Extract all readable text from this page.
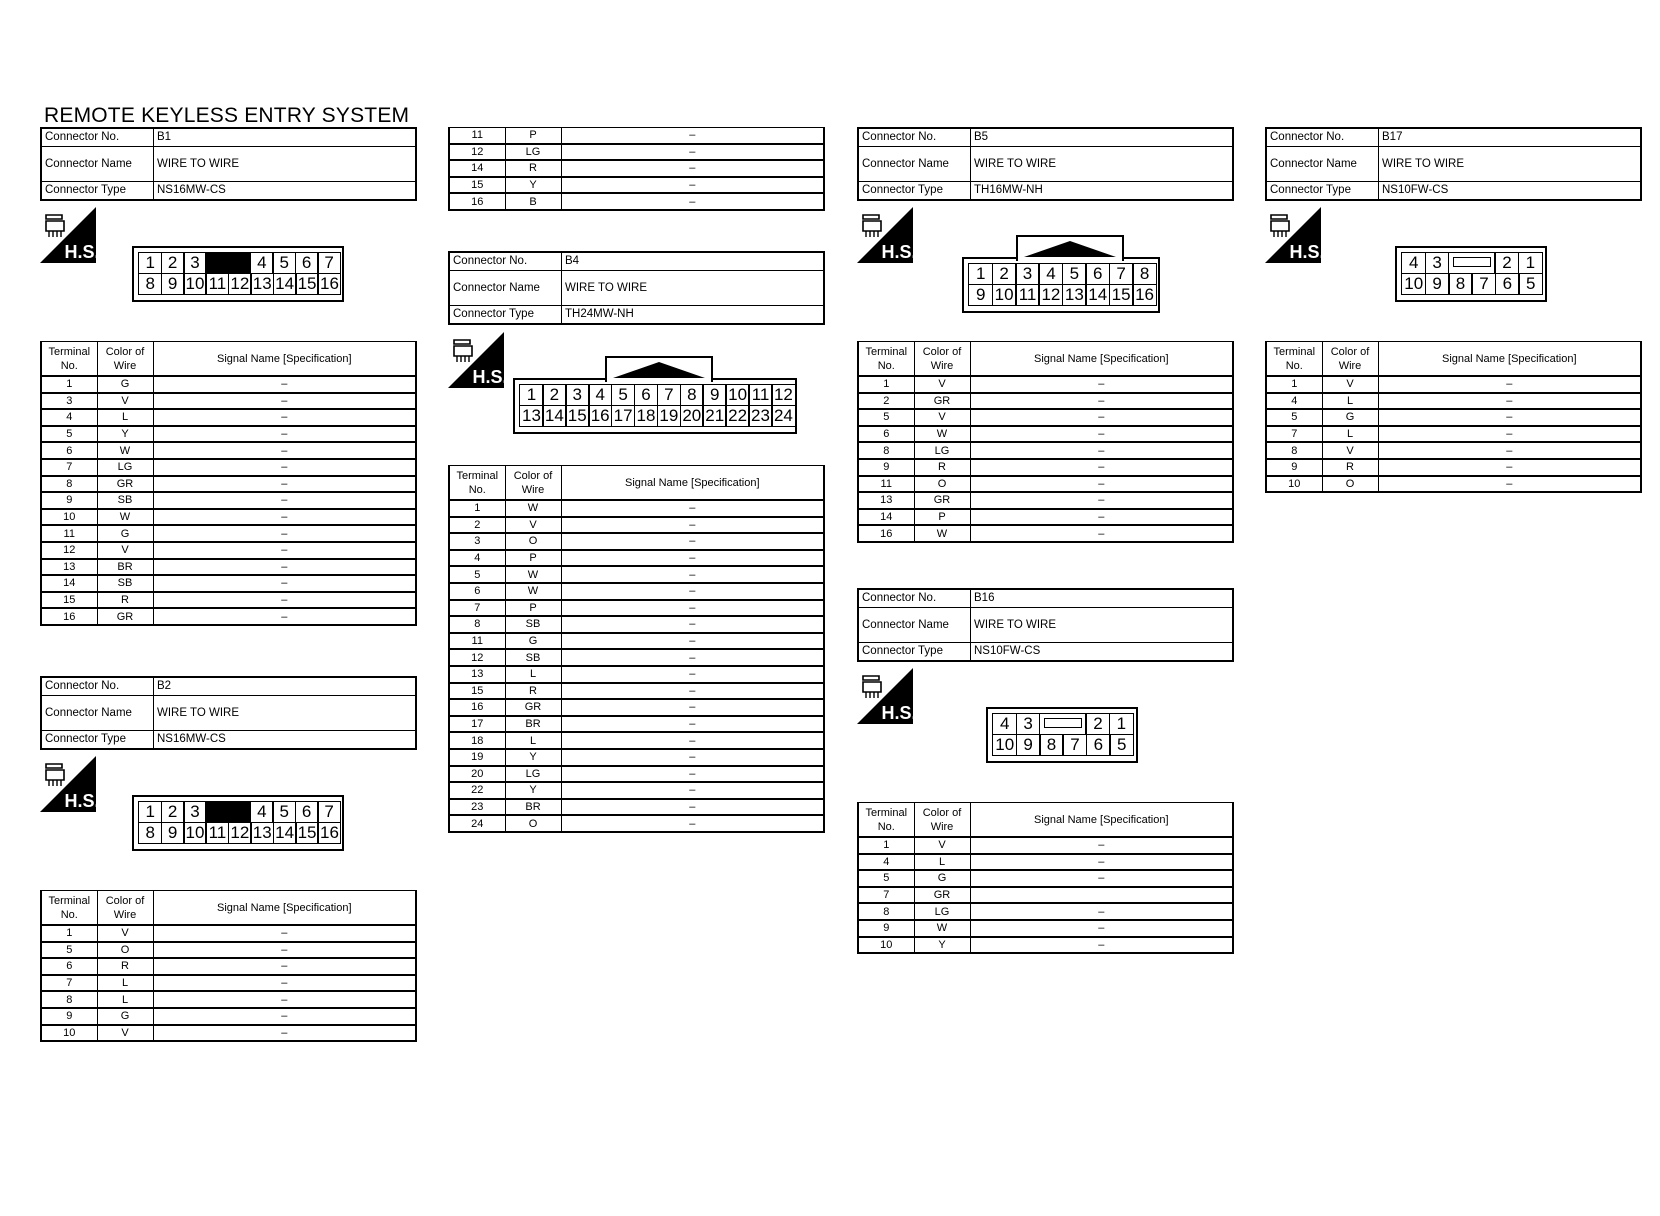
REMOTE KEYLESS ENTRY SYSTEM
Connector No.	B1
Connector Name	WIRE TO WIRE
Connector Type	NS16MW-CS
H.S.
1 2 3	4 5 6 7
8 9 10 11 12 13 14 15 16
Terminal No.	Color of Wire	Signal Name [Specification]
1	G	–
3	V	–
4	L	–
5	Y	–
6	W	–
7	LG	–
8	GR	–
9	SB	–
10	W	–
11	G	–
12	V	–
13	BR	–
14	SB	–
15	R	–
16	GR	–
Connector No.	B2
Connector Name	WIRE TO WIRE
Connector Type	NS16MW-CS
H.S.
1 2 3	4 5 6 7
8 9 10 11 12 13 14 15 16
Terminal No.	Color of Wire	Signal Name [Specification]
1	V	–
5	O	–
6	R	–
7	L	–
8	L	–
9	G	–
10	V	–
11	P	–
12	LG	–
14	R	–
15	Y	–
16	B	–
Connector No.	B4
Connector Name	WIRE TO WIRE
Connector Type	TH24MW-NH
H.S.
1 2 3 4 5 6 7 8 9 10 11 12
13 14 15 16 17 18 19 20 21 22 23 24
Terminal No.	Color of Wire	Signal Name [Specification]
1	W	–
2	V	–
3	O	–
4	P	–
5	W	–
6	W	–
7	P	–
8	SB	–
11	G	–
12	SB	–
13	L	–
15	R	–
16	GR	–
17	BR	–
18	L	–
19	Y	–
20	LG	–
22	Y	–
23	BR	–
24	O	–
Connector No.	B5
Connector Name	WIRE TO WIRE
Connector Type	TH16MW-NH
H.S.
1 2 3 4 5 6 7 8
9 10 11 12 13 14 15 16
Terminal No.	Color of Wire	Signal Name [Specification]
1	V	–
2	GR	–
5	V	–
6	W	–
8	LG	–
9	R	–
11	O	–
13	GR	–
14	P	–
16	W	–
Connector No.	B16
Connector Name	WIRE TO WIRE
Connector Type	NS10FW-CS
H.S.
4 3	2 1
10 9 8 7 6 5
Terminal No.	Color of Wire	Signal Name [Specification]
1	V	–
4	L	–
5	G	–
7	GR	
8	LG	–
9	W	–
10	Y	–
Connector No.	B17
Connector Name	WIRE TO WIRE
Connector Type	NS10FW-CS
H.S.
4 3	2 1
10 9 8 7 6 5
Terminal No.	Color of Wire	Signal Name [Specification]
1	V	–
4	L	–
5	G	–
7	L	–
8	V	–
9	R	–
10	O	–
